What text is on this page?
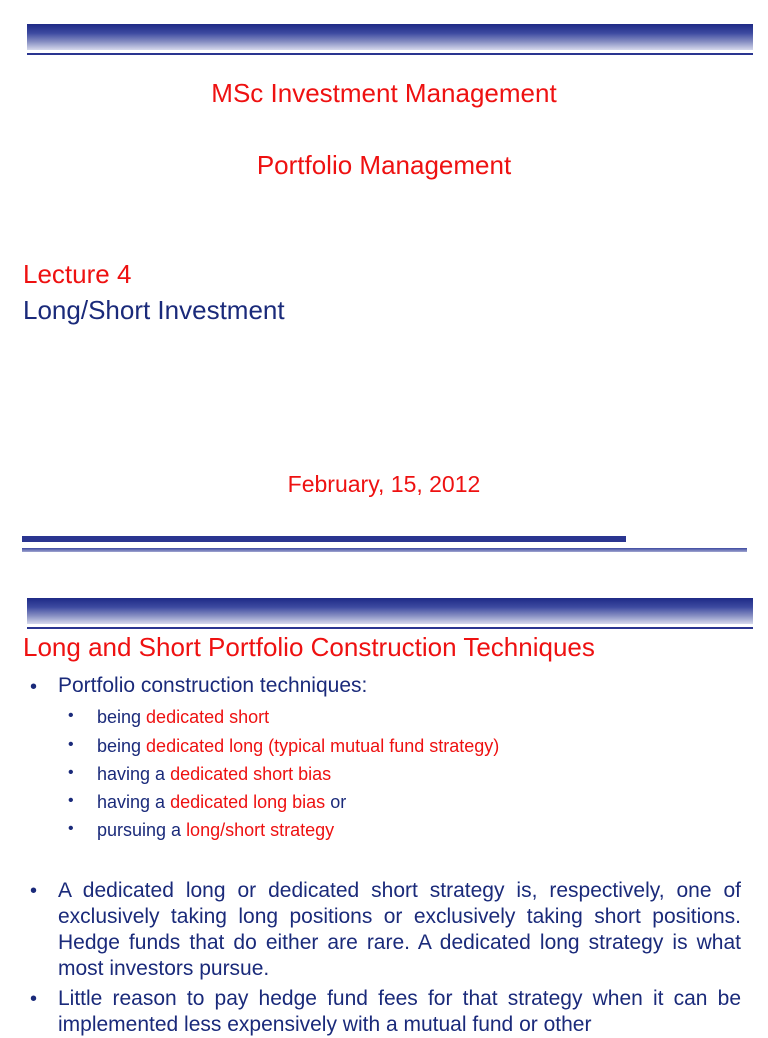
MSc Investment Management
Portfolio Management
Lecture 4
Long/Short Investment
February, 15, 2012
Long and Short Portfolio Construction Techniques
• Portfolio construction techniques:
• being dedicated short
• being dedicated long (typical mutual fund strategy)
• having a dedicated short bias
• having a dedicated long bias or
• pursuing a long/short strategy
• A dedicated long or dedicated short strategy is, respectively, one of exclusively taking long positions or exclusively taking short positions. Hedge funds that do either are rare. A dedicated long strategy is what most investors pursue.
• Little reason to pay hedge fund fees for that strategy when it can be implemented less expensively with a mutual fund or other
